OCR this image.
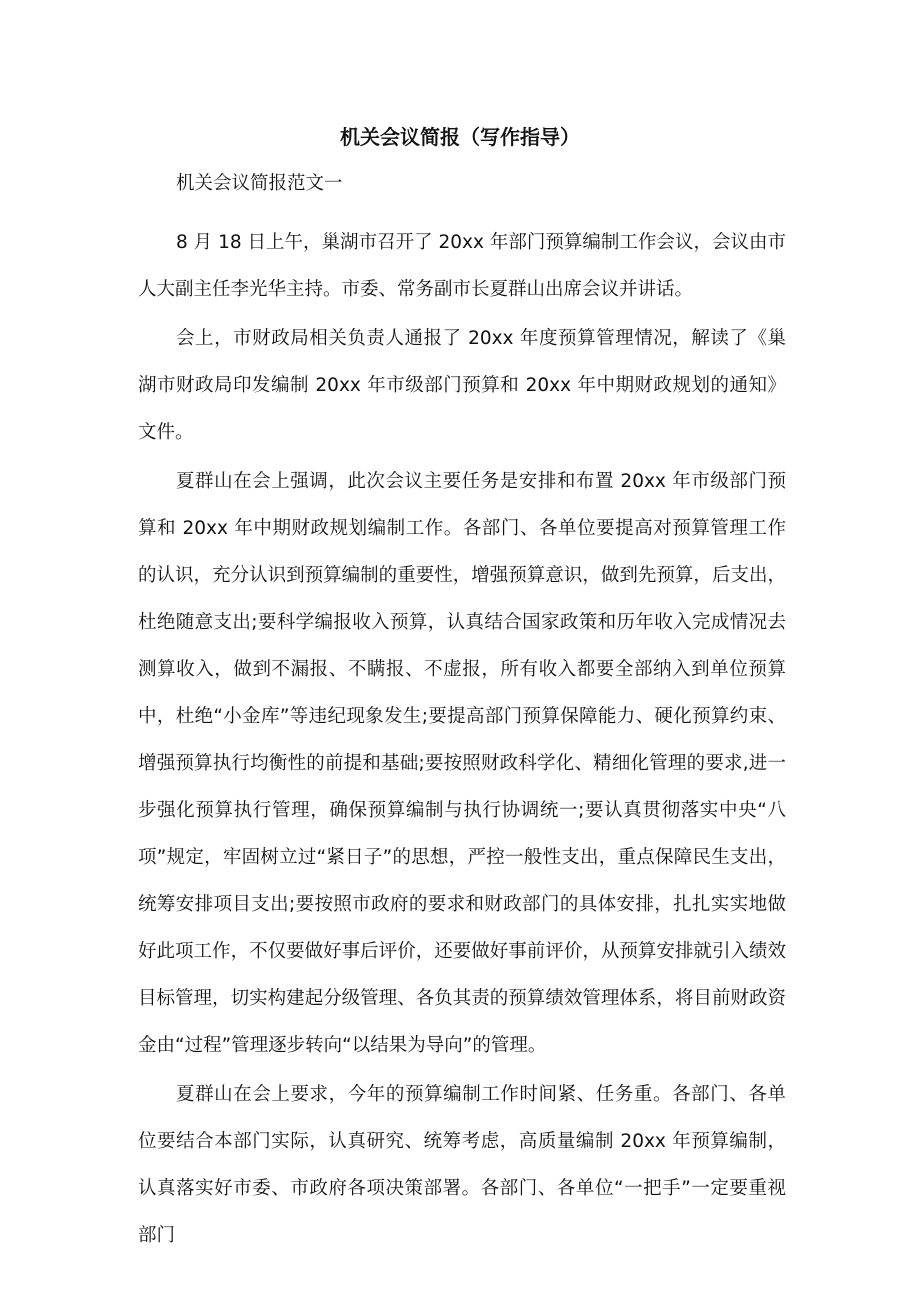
机关会议简报（写作指导）

机关会议简报范文一

8 月 18 日上午，巢湖市召开了 20xx 年部门预算编制工作会议，会议由市人大副主任李光华主持。市委、常务副市长夏群山出席会议并讲话。

会上，市财政局相关负责人通报了 20xx 年度预算管理情况，解读了《巢湖市财政局印发编制 20xx 年市级部门预算和 20xx 年中期财政规划的通知》文件。

夏群山在会上强调，此次会议主要任务是安排和布置 20xx 年市级部门预算和 20xx 年中期财政规划编制工作。各部门、各单位要提高对预算管理工作的认识，充分认识到预算编制的重要性，增强预算意识，做到先预算，后支出，杜绝随意支出;要科学编报收入预算，认真结合国家政策和历年收入完成情况去测算收入，做到不漏报、不瞒报、不虚报，所有收入都要全部纳入到单位预算中，杜绝“小金库”等违纪现象发生;要提高部门预算保障能力、硬化预算约束、增强预算执行均衡性的前提和基础;要按照财政科学化、精细化管理的要求,进一步强化预算执行管理，确保预算编制与执行协调统一;要认真贯彻落实中央“八项”规定，牢固树立过“紧日子”的思想，严控一般性支出，重点保障民生支出，统筹安排项目支出;要按照市政府的要求和财政部门的具体安排，扎扎实实地做好此项工作，不仅要做好事后评价，还要做好事前评价，从预算安排就引入绩效目标管理，切实构建起分级管理、各负其责的预算绩效管理体系，将目前财政资金由“过程”管理逐步转向“以结果为导向”的管理。

夏群山在会上要求，今年的预算编制工作时间紧、任务重。各部门、各单位要结合本部门实际，认真研究、统筹考虑，高质量编制 20xx 年预算编制，认真落实好市委、市政府各项决策部署。各部门、各单位“一把手”一定要重视部门
